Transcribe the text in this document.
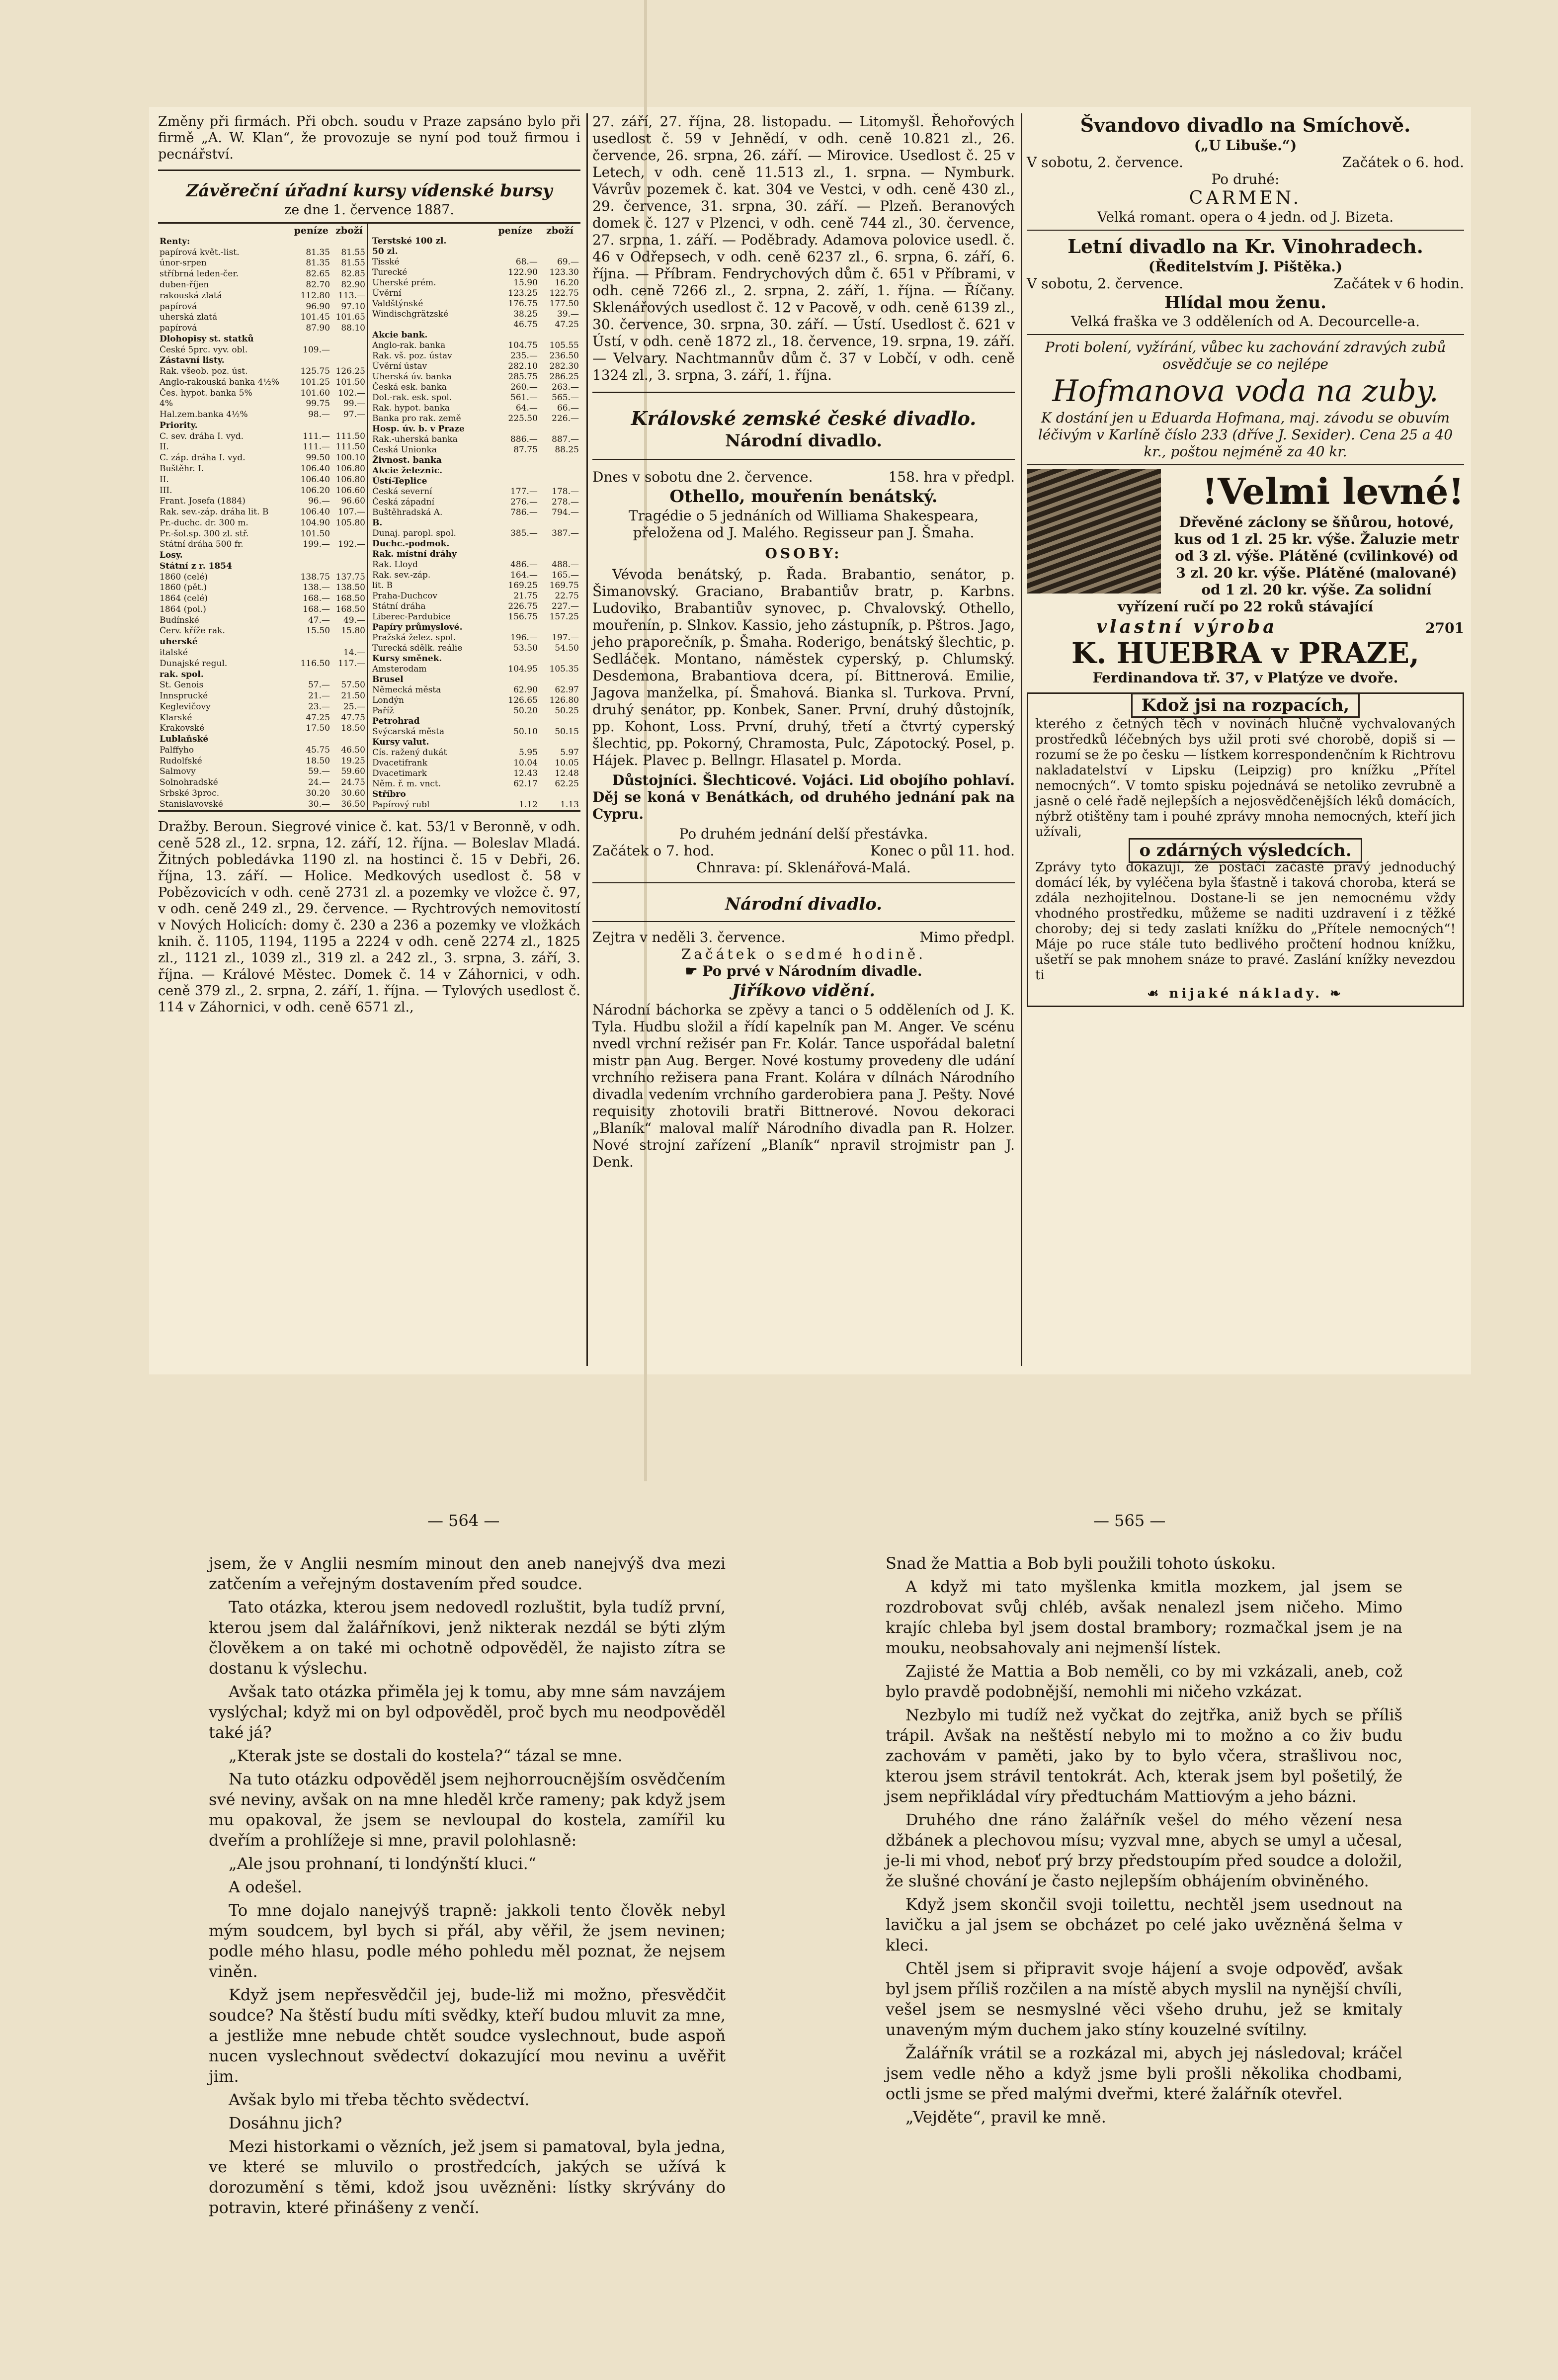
Změny při firmách. Při obch. soudu v Praze zapsáno bylo při firmě „A. W. Klan“, že provozuje se nyní pod touž firmou i pecnářství.

Závěreční úřadní kursy vídenské bursy
ze dne 1. července 1887.
	peníze	zboží
Renty:		
papírová květ.-list.	81.35	81.55
únor-srpen	81.35	81.55
stříbrná leden-čer.	82.65	82.85
duben-říjen	82.70	82.90
rakouská zlatá	112.80	113.—
papírová	96.90	97.10
uherská zlatá	101.45	101.65
papírová	87.90	88.10
Dlohopisy st. statků		
České 5prc. vyv. obl.	109.—	
Zástavní listy.		
Rak. všeob. poz. úst.	125.75	126.25
Anglo-rakouská banka 4½%	101.25	101.50
Čes. hypot. banka 5%	101.60	102.—
4%	99.75	99.—
Hal.zem.banka 4½%	98.—	97.—
Priority.		
C. sev. dráha I. vyd.	111.—	111.50
II.	111.—	111.50
C. záp. dráha I. vyd.	99.50	100.10
Buštěhr. I.	106.40	106.80
II.	106.40	106.80
III.	106.20	106.60
Frant. Josefa (1884)	96.—	96.60
Rak. sev.-záp. dráha lit. B	106.40	107.—
Pr.-duchc. dr. 300 m.	104.90	105.80
Pr.-šol.sp. 300 zl. stř.	101.50	
Státní dráha 500 fr.	199.—	192.—
Losy.		
Státní z r. 1854		
1860 (celé)	138.75	137.75
1860 (pět.)	138.—	138.50
1864 (celé)	168.—	168.50
1864 (pol.)	168.—	168.50
Budínské	47.—	49.—
Červ. kříže rak.	15.50	15.80
uherské		
italské		14.—
Dunajské regul.	116.50	117.—
rak. spol.		
St. Genois	57.—	57.50
Innsprucké	21.—	21.50
Keglevičovy	23.—	25.—
Klarské	47.25	47.75
Krakovské	17.50	18.50
Lublaňské		
Palffyho	45.75	46.50
Rudolfské	18.50	19.25
Salmovy	59.—	59.60
Solnohradské	24.—	24.75
Srbské 3proc.	30.20	30.60
Stanislavovské	30.—	36.50
	peníze	zboží
Terstské 100 zl.		
50 zl.		
Tisské	68.—	69.—
Turecké	122.90	123.30
Uherské prém.	15.90	16.20
Úvěrní	123.25	122.75
Valdštýnské	176.75	177.50
Windischgrätzské	38.25	39.—
	46.75	47.25
Akcie bank.		
Anglo-rak. banka	104.75	105.55
Rak. vš. poz. ústav	235.—	236.50
Úvěrní ústav	282.10	282.30
Uherská úv. banka	285.75	286.25
Česká esk. banka	260.—	263.—
Dol.-rak. esk. spol.	561.—	565.—
Rak. hypot. banka	64.—	66.—
Banka pro rak. země	225.50	226.—
Hosp. úv. b. v Praze		
Rak.-uherská banka	886.—	887.—
Česká Unionka	87.75	88.25
Živnost. banka		
Akcie železnic.		
Ústí-Teplice		
Česká severní	177.—	178.—
Česká západní	276.—	278.—
Buštěhradská A.	786.—	794.—
B.		
Dunaj. paropl. spol.	385.—	387.—
Duchc.-podmok.		
Rak. místní dráhy		
Rak. Lloyd	486.—	488.—
Rak. sev.-záp.	164.—	165.—
lit. B	169.25	169.75
Praha-Duchcov	21.75	22.75
Státní dráha	226.75	227.—
Liberec-Pardubice	156.75	157.25
Papíry průmyslové.		
Pražská želez. spol.	196.—	197.—
Turecká sdělk. reálie	53.50	54.50
Kursy směnek.		
Amsterodam	104.95	105.35
Brusel		
Německá města	62.90	62.97
Londýn	126.65	126.80
Paříž	50.20	50.25
Petrohrad		
Švýcarská města	50.10	50.15
Kursy valut.		
Cís. ražený dukát	5.95	5.97
Dvacetifrank	10.04	10.05
Dvacetimark	12.43	12.48
Něm. ř. m. vnct.	62.17	62.25
Stříbro		
Papírový rubl	1.12	1.13

Dražby. Beroun. Siegrové vinice č. kat. 53/1 v Beronně, v odh. ceně 528 zl., 12. srpna, 12. září, 12. října. — Boleslav Mladá. Žitných pobledávka 1190 zl. na hostinci č. 15 v Debři, 26. října, 13. září. — Holice. Medkových usedlost č. 58 v Pobězovicích v odh. ceně 2731 zl. a pozemky ve vložce č. 97, v odh. ceně 249 zl., 29. července. — Rychtrových nemovitostí v Nových Holicích: domy č. 230 a 236 a pozemky ve vložkách knih. č. 1105, 1194, 1195 a 2224 v odh. ceně 2274 zl., 1825 zl., 1121 zl., 1039 zl., 319 zl. a 242 zl., 3. srpna, 3. září, 3. října. — Králové Městec. Domek č. 14 v Záhornici, v odh. ceně 379 zl., 2. srpna, 2. září, 1. října. — Tylových usedlost č. 114 v Záhornici, v odh. ceně 6571 zl.,

27. září, 27. října, 28. listopadu. — Litomyšl. Řehořových usedlost č. 59 v Jehnědí, v odh. ceně 10.821 zl., 26. července, 26. srpna, 26. září. — Mirovice. Usedlost č. 25 v Letech, v odh. ceně 11.513 zl., 1. srpna. — Nymburk. Vávrův pozemek č. kat. 304 ve Vestci, v odh. ceně 430 zl., 29. července, 31. srpna, 30. září. — Plzeň. Beranových domek č. 127 v Plzenci, v odh. ceně 744 zl., 30. července, 27. srpna, 1. září. — Poděbrady. Adamova polovice usedl. č. 46 v Odřepsech, v odh. ceně 6237 zl., 6. srpna, 6. září, 6. října. — Příbram. Fendrychových dům č. 651 v Příbrami, v odh. ceně 7266 zl., 2. srpna, 2. září, 1. října. — Říčany. Sklenářových usedlost č. 12 v Pacově, v odh. ceně 6139 zl., 30. července, 30. srpna, 30. září. — Ústí. Usedlost č. 621 v Ústí, v odh. ceně 1872 zl., 18. července, 19. srpna, 19. září. — Velvary. Nachtmannův dům č. 37 v Lobčí, v odh. ceně 1324 zl., 3. srpna, 3. září, 1. října.

Královské zemské české divadlo.
Národní divadlo.
Dnes v sobotu dne 2. července.	158. hra v předpl.
Othello, mouřenín benátský.
Tragédie o 5 jednáních od Williama Shakespeara, přeložena od J. Malého. Regisseur pan J. Šmaha.
OSOBY:

Vévoda benátský, p. Řada. Brabantio, senátor, p. Šimanovský. Graciano, Brabantiův bratr, p. Karbns. Ludoviko, Brabantiův synovec, p. Chvalovský. Othello, mouřenín, p. Slnkov. Kassio, jeho zástupník, p. Pštros. Jago, jeho praporečník, p. Šmaha. Roderigo, benátský šlechtic, p. Sedláček. Montano, náměstek cyperský, p. Chlumský. Desdemona, Brabantiova dcera, pí. Bittnerová. Emilie, Jagova manželka, pí. Šmahová. Bianka sl. Turkova. První, druhý senátor, pp. Konbek, Saner. První, druhý důstojník, pp. Kohont, Loss. První, druhý, třetí a čtvrtý cyperský šlechtic, pp. Pokorný, Chramosta, Pulc, Zápotocký. Posel, p. Hájek. Plavec p. Bellngr. Hlasatel p. Morda.

Důstojníci. Šlechticové. Vojáci. Lid obojího pohlaví. Děj se koná v Benátkách, od druhého jednání pak na Cypru.

Po druhém jednání delší přestávka.
Začátek o 7. hod.	Konec o půl 11. hod.
Chnrava: pí. Sklenářová-Malá.
Národní divadlo.
Zejtra v neděli 3. července.	Mimo předpl.
Začátek o sedmé hodině.
☛ Po prvé v Národním divadle.
Jiříkovo vidění.

Národní báchorka se zpěvy a tanci o 5 odděleních od J. K. Tyla. Hudbu složil a řídí kapelník pan M. Anger. Ve scénu nvedl vrchní režisér pan Fr. Kolár. Tance uspořádal baletní mistr pan Aug. Berger. Nové kostumy provedeny dle udání vrchního režisera pana Frant. Kolára v dílnách Národního divadla vedením vrchního garderobiera pana J. Pešty. Nové requisity zhotovili bratři Bittnerové. Novou dekoraci „Blaník“ maloval malíř Národního divadla pan R. Holzer. Nové strojní zařízení „Blaník“ npravil strojmistr pan J. Denk.

Švandovo divadlo na Smíchově.
(„U Libuše.“)
V sobotu, 2. července.	Začátek o 6. hod.
Po druhé:
CARMEN.
Velká romant. opera o 4 jedn. od J. Bizeta.
Letní divadlo na Kr. Vinohradech.
(Ředitelstvím J. Pištěka.)
V sobotu, 2. července.	Začátek v 6 hodin.
Hlídal mou ženu.
Velká fraška ve 3 odděleních od A. Decourcelle-a.
Proti bolení, vyžírání, vůbec ku zachování zdravých zubů osvědčuje se co nejlépe
Hofmanova voda na zuby.
K dostání jen u Eduarda Hofmana, maj. závodu se obuvím léčivým v Karlíně číslo 233 (dříve J. Sexider). Cena 25 a 40 kr., poštou nejméně za 40 kr.
!Velmi levné!

Dřevěné záclony se šňůrou, hotové, kus od 1 zl. 25 kr. výše. Žaluzie metr od 3 zl. výše. Plátěné (cvilinkové) od 3 zl. 20 kr. výše. Plátěné (malované) od 1 zl. 20 kr. výše. Za solidní vyřízení ručí po 22 roků stávající

vlastní výroba	2701
K. HUEBRA v PRAZE,
Ferdinandova tř. 37, v Platýze ve dvoře.
Kdož jsi na rozpacích,

kterého z četných těch v novinách hlučně vychvalovaných prostředků léčebných bys užil proti své chorobě, dopiš si — rozumí se že po česku — lístkem korrespondenčním k Richtrovu nakladatelství v Lipsku (Leipzig) pro knížku „Přítel nemocných“. V tomto spisku pojednává se netoliko zevrubně a jasně o celé řadě nejlepších a nejosvědčenějších léků domácích, nýbrž otištěny tam i pouhé zprávy mnoha nemocných, kteří jich užívali,

o zdárných výsledcích.

Zprávy tyto dokazují, že postačí začasté pravý jednoduchý domácí lék, by vyléčena byla šťastně i taková choroba, která se zdála nezhojitelnou. Dostane-li se jen nemocnému vždy vhodného prostředku, můžeme se naditi uzdravení i z těžké choroby; dej si tedy zaslati knížku do „Přítele nemocných“! Máje po ruce stále tuto bedlivého pročtení hodnou knížku, ušetří se pak mnohem snáze to pravé. Zaslání knížky nevezdou ti

☙ nijaké náklady. ❧
— 564 —	— 565 —

jsem, že v Anglii nesmím minout den aneb nanejvýš dva mezi zatčením a veřejným dostavením před soudce.

Tato otázka, kterou jsem nedovedl rozluštit, byla tudíž první, kterou jsem dal žalářníkovi, jenž nikterak nezdál se býti zlým člověkem a on také mi ochotně odpověděl, že najisto zítra se dostanu k výslechu.

Avšak tato otázka přiměla jej k tomu, aby mne sám navzájem vyslýchal; když mi on byl odpověděl, proč bych mu neodpověděl také já?

„Kterak jste se dostali do kostela?“ tázal se mne.

Na tuto otázku odpověděl jsem nejhorroucnějším osvědčením své neviny, avšak on na mne hleděl krče rameny; pak když jsem mu opakoval, že jsem se nevloupal do kostela, zamířil ku dveřím a prohlížeje si mne, pravil polohlasně:

„Ale jsou prohnaní, ti londýnští kluci.“

A odešel.

To mne dojalo nanejvýš trapně: jakkoli tento člověk nebyl mým soudcem, byl bych si přál, aby věřil, že jsem nevinen; podle mého hlasu, podle mého pohledu měl poznat, že nejsem viněn.

Když jsem nepřesvědčil jej, bude-liž mi možno, přesvědčit soudce? Na štěstí budu míti svědky, kteří budou mluvit za mne, a jestliže mne nebude chtět soudce vyslechnout, bude aspoň nucen vyslechnout svědectví dokazující mou nevinu a uvěřit jim.

Avšak bylo mi třeba těchto svědectví.

Dosáhnu jich?

Mezi historkami o vězních, jež jsem si pamatoval, byla jedna, ve které se mluvilo o prostředcích, jakých se užívá k dorozumění s těmi, kdož jsou uvězněni: lístky skrývány do potravin, které přinášeny z venčí.

Snad že Mattia a Bob byli použili tohoto úskoku.

A když mi tato myšlenka kmitla mozkem, jal jsem se rozdrobovat svůj chléb, avšak nenalezl jsem ničeho. Mimo krajíc chleba byl jsem dostal brambory; rozmačkal jsem je na mouku, neobsahovaly ani nejmenší lístek.

Zajisté že Mattia a Bob neměli, co by mi vzkázali, aneb, což bylo pravdě podobnější, nemohli mi ničeho vzkázat.

Nezbylo mi tudíž než vyčkat do zejtřka, aniž bych se příliš trápil. Avšak na neštěstí nebylo mi to možno a co živ budu zachovám v paměti, jako by to bylo včera, strašlivou noc, kterou jsem strávil tentokrát. Ach, kterak jsem byl pošetilý, že jsem nepřikládal víry předtuchám Mattiovým a jeho bázni.

Druhého dne ráno žalářník vešel do mého vězení nesa džbánek a plechovou mísu; vyzval mne, abych se umyl a učesal, je-li mi vhod, neboť prý brzy předstoupím před soudce a doložil, že slušné chování je často nejlepším obhájením obviněného.

Když jsem skončil svoji toilettu, nechtěl jsem usednout na lavičku a jal jsem se obcházet po celé jako uvězněná šelma v kleci.

Chtěl jsem si připravit svoje hájení a svoje odpověď, avšak byl jsem příliš rozčilen a na místě abych myslil na nynější chvíli, vešel jsem se nesmyslné věci všeho druhu, jež se kmitaly unaveným mým duchem jako stíny kouzelné svítilny.

Žalářník vrátil se a rozkázal mi, abych jej následoval; kráčel jsem vedle něho a když jsme byli prošli několika chodbami, octli jsme se před malými dveřmi, které žalářník otevřel.

„Vejděte“, pravil ke mně.
